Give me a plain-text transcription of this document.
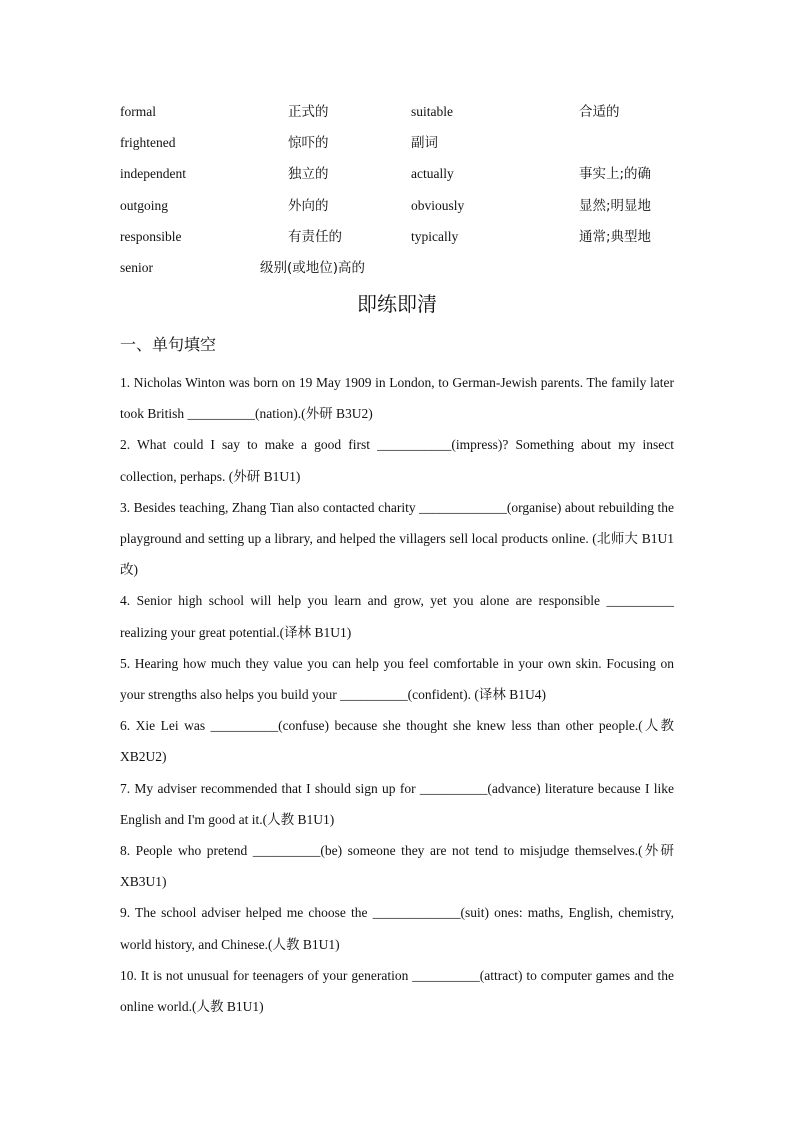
formal	正式的	suitable	合适的
frightened	惊吓的	副词
independent	独立的	actually	事实上;的确
outgoing	外向的	obviously	显然;明显地
responsible	有责任的	typically	通常;典型地
senior	级别(或地位)高的
即练即清
一、单句填空

1. Nicholas Winton was born on 19 May 1909 in London, to German-Jewish parents. The family later took British __________(nation).(外研 B3U2)

2. What could I say to make a good first ___________(impress)? Something about my insect collection, perhaps. (外研 B1U1)

3. Besides teaching, Zhang Tian also contacted charity _____________(organise) about rebuilding the playground and setting up a library, and helped the villagers sell local products online. (北师大 B1U1 改)

4. Senior high school will help you learn and grow, yet you alone are responsible __________ realizing your great potential.(译林 B1U1)

5. Hearing how much they value you can help you feel comfortable in your own skin. Focusing on your strengths also helps you build your __________(confident). (译林 B1U4)

6. Xie Lei was __________(confuse) because she thought she knew less than other people.(人教 XB2U2)

7. My adviser recommended that I should sign up for __________(advance) literature because I like English and I'm good at it.(人教 B1U1)

8. People who pretend __________(be) someone they are not tend to misjudge themselves.(外研 XB3U1)

9. The school adviser helped me choose the _____________(suit) ones: maths, English, chemistry, world history, and Chinese.(人教 B1U1)

10. It is not unusual for teenagers of your generation __________(attract) to computer games and the online world.(人教 B1U1)
